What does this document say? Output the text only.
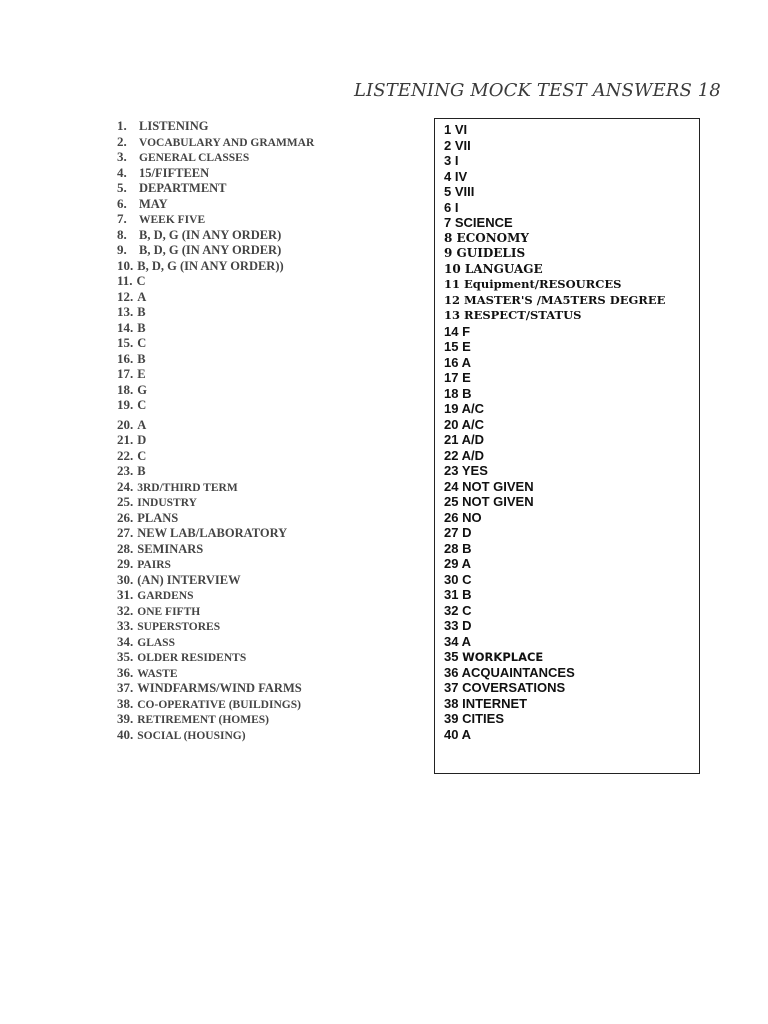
LISTENING MOCK TEST ANSWERS 18
1. LISTENING
2. VOCABULARY AND GRAMMAR
3. GENERAL CLASSES
4. 15/FIFTEEN
5. DEPARTMENT
6. MAY
7. WEEK FIVE
8. B, D, G (IN ANY ORDER)
9. B, D, G (IN ANY ORDER)
10. B, D, G (IN ANY ORDER))
11. C
12. A
13. B
14. B
15. C
16. B
17. E
18. G
19. C
20. A
21. D
22. C
23. B
24. 3RD/THIRD TERM
25. INDUSTRY
26. PLANS
27. NEW LAB/LABORATORY
28. SEMINARS
29. PAIRS
30. (AN) INTERVIEW
31. GARDENS
32. ONE FIFTH
33. SUPERSTORES
34. GLASS
35. OLDER RESIDENTS
36. WASTE
37. WINDFARMS/WIND FARMS
38. CO-OPERATIVE (BUILDINGS)
39. RETIREMENT (HOMES)
40. SOCIAL (HOUSING)
1 VI
2 VII
3 I
4 IV
5 VIII
6 I
7 SCIENCE
8 ECONOMY
9 GUIDELIS
10 LANGUAGE
11 Equipment/RESOURCES
12 MASTER'S /MA5TERS DEGREE
13 RESPECT/STATUS
14 F
15 E
16 A
17 E
18 B
19 A/C
20 A/C
21 A/D
22 A/D
23 YES
24 NOT GIVEN
25 NOT GIVEN
26 NO
27 D
28 B
29 A
30 C
31 B
32 C
33 D
34 A
35 WORKPLACE
36 ACQUAINTANCES
37 COVERSATIONS
38 INTERNET
39 CITIES
40 A
